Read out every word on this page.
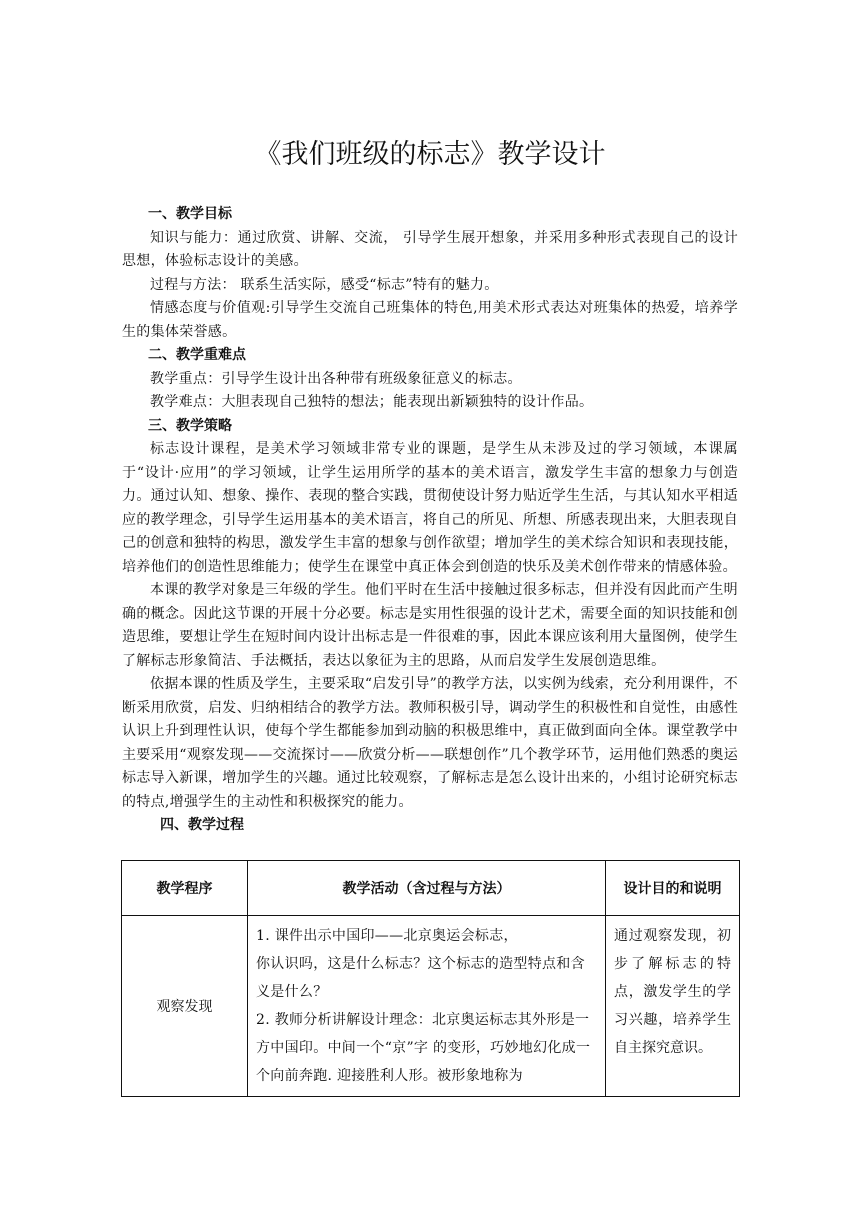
《我们班级的标志》教学设计

一、教学目标

知识与能力：通过欣赏、讲解、交流， 引导学生展开想象，并采用多种形式表现自己的设计思想，体验标志设计的美感。

过程与方法： 联系生活实际，感受“标志”特有的魅力。

情感态度与价值观:引导学生交流自己班集体的特色,用美术形式表达对班集体的热爱，培养学生的集体荣誉感。

二、教学重难点

教学重点：引导学生设计出各种带有班级象征意义的标志。

教学难点：大胆表现自己独特的想法；能表现出新颖独特的设计作品。

三、教学策略

标志设计课程，是美术学习领域非常专业的课题，是学生从未涉及过的学习领域，本课属于“设计·应用”的学习领域，让学生运用所学的基本的美术语言，激发学生丰富的想象力与创造力。通过认知、想象、操作、表现的整合实践，贯彻使设计努力贴近学生生活，与其认知水平相适应的教学理念，引导学生运用基本的美术语言，将自己的所见、所想、所感表现出来，大胆表现自己的创意和独特的构思，激发学生丰富的想象与创作欲望；增加学生的美术综合知识和表现技能，培养他们的创造性思维能力；使学生在课堂中真正体会到创造的快乐及美术创作带来的情感体验。

本课的教学对象是三年级的学生。他们平时在生活中接触过很多标志，但并没有因此而产生明确的概念。因此这节课的开展十分必要。标志是实用性很强的设计艺术，需要全面的知识技能和创造思维，要想让学生在短时间内设计出标志是一件很难的事，因此本课应该利用大量图例，使学生了解标志形象简洁、手法概括，表达以象征为主的思路，从而启发学生发展创造思维。

依据本课的性质及学生，主要采取“启发引导”的教学方法，以实例为线索，充分利用课件，不断采用欣赏，启发、归纳相结合的教学方法。教师积极引导，调动学生的积极性和自觉性，由感性认识上升到理性认识，使每个学生都能参加到动脑的积极思维中，真正做到面向全体。课堂教学中主要采用“观察发现——交流探讨——欣赏分析——联想创作”几个教学环节，运用他们熟悉的奥运标志导入新课，增加学生的兴趣。通过比较观察，了解标志是怎么设计出来的，小组讨论研究标志的特点,增强学生的主动性和积极探究的能力。

四、教学过程

教学程序	教学活动（含过程与方法）	设计目的和说明
观察发现	1. 课件出示中国印——北京奥运会标志，

你认识吗，这是什么标志？这个标志的造型特点和含义是什么？

2. 教师分析讲解设计理念：北京奥运标志其外形是一方中国印。中间一个“京”字 的变形，巧妙地幻化成一个向前奔跑. 迎接胜利人形。被形象地称为	通过观察发现，初步了解标志的特点，激发学生的学习兴趣，培养学生自主探究意识。
